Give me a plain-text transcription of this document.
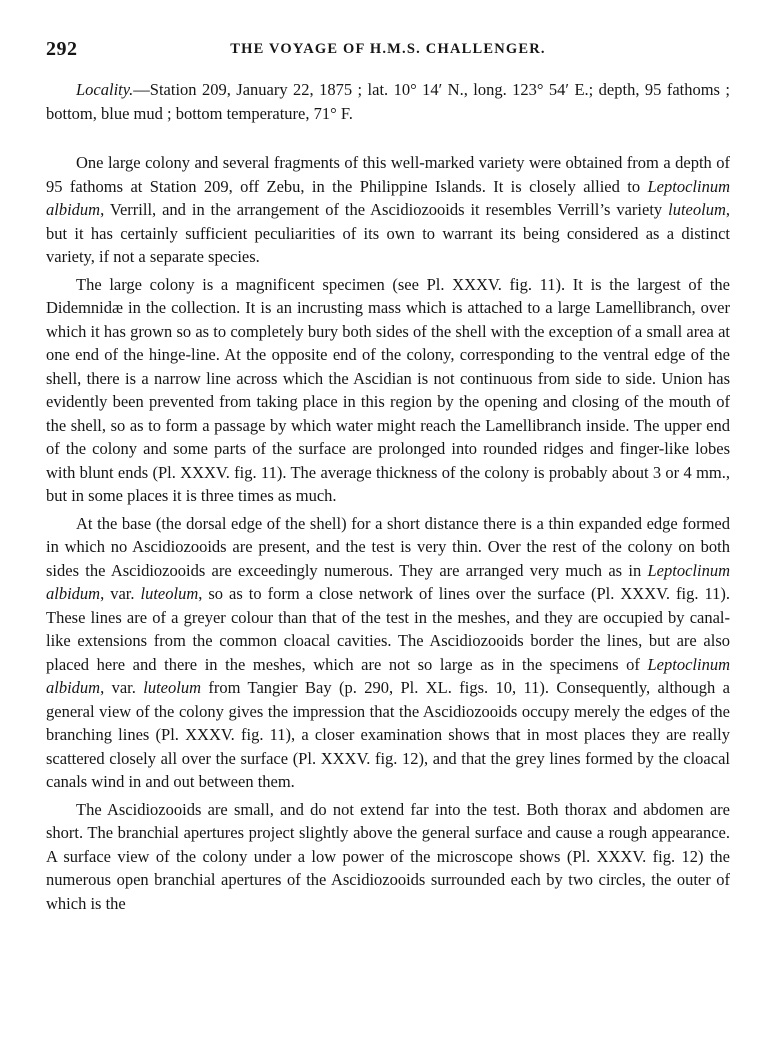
292	THE VOYAGE OF H.M.S. CHALLENGER.

Locality.—Station 209, January 22, 1875 ; lat. 10° 14′ N., long. 123° 54′ E.; depth, 95 fathoms ; bottom, blue mud ; bottom temperature, 71° F.

One large colony and several fragments of this well-marked variety were obtained from a depth of 95 fathoms at Station 209, off Zebu, in the Philippine Islands. It is closely allied to Leptoclinum albidum, Verrill, and in the arrangement of the Ascidiozooids it resembles Verrill’s variety luteolum, but it has certainly sufficient peculiarities of its own to warrant its being considered as a distinct variety, if not a separate species.

The large colony is a magnificent specimen (see Pl. XXXV. fig. 11). It is the largest of the Didemnidæ in the collection. It is an incrusting mass which is attached to a large Lamellibranch, over which it has grown so as to completely bury both sides of the shell with the exception of a small area at one end of the hinge-line. At the opposite end of the colony, corresponding to the ventral edge of the shell, there is a narrow line across which the Ascidian is not continuous from side to side. Union has evidently been prevented from taking place in this region by the opening and closing of the mouth of the shell, so as to form a passage by which water might reach the Lamellibranch inside. The upper end of the colony and some parts of the surface are prolonged into rounded ridges and finger-like lobes with blunt ends (Pl. XXXV. fig. 11). The average thickness of the colony is probably about 3 or 4 mm., but in some places it is three times as much.

At the base (the dorsal edge of the shell) for a short distance there is a thin expanded edge formed in which no Ascidiozooids are present, and the test is very thin. Over the rest of the colony on both sides the Ascidiozooids are exceedingly numerous. They are arranged very much as in Leptoclinum albidum, var. luteolum, so as to form a close network of lines over the surface (Pl. XXXV. fig. 11). These lines are of a greyer colour than that of the test in the meshes, and they are occupied by canal-like extensions from the common cloacal cavities. The Ascidiozooids border the lines, but are also placed here and there in the meshes, which are not so large as in the specimens of Leptoclinum albidum, var. luteolum from Tangier Bay (p. 290, Pl. XL. figs. 10, 11). Consequently, although a general view of the colony gives the impression that the Ascidiozooids occupy merely the edges of the branching lines (Pl. XXXV. fig. 11), a closer examination shows that in most places they are really scattered closely all over the surface (Pl. XXXV. fig. 12), and that the grey lines formed by the cloacal canals wind in and out between them.

The Ascidiozooids are small, and do not extend far into the test. Both thorax and abdomen are short. The branchial apertures project slightly above the general surface and cause a rough appearance. A surface view of the colony under a low power of the microscope shows (Pl. XXXV. fig. 12) the numerous open branchial apertures of the Ascidiozooids surrounded each by two circles, the outer of which is the
